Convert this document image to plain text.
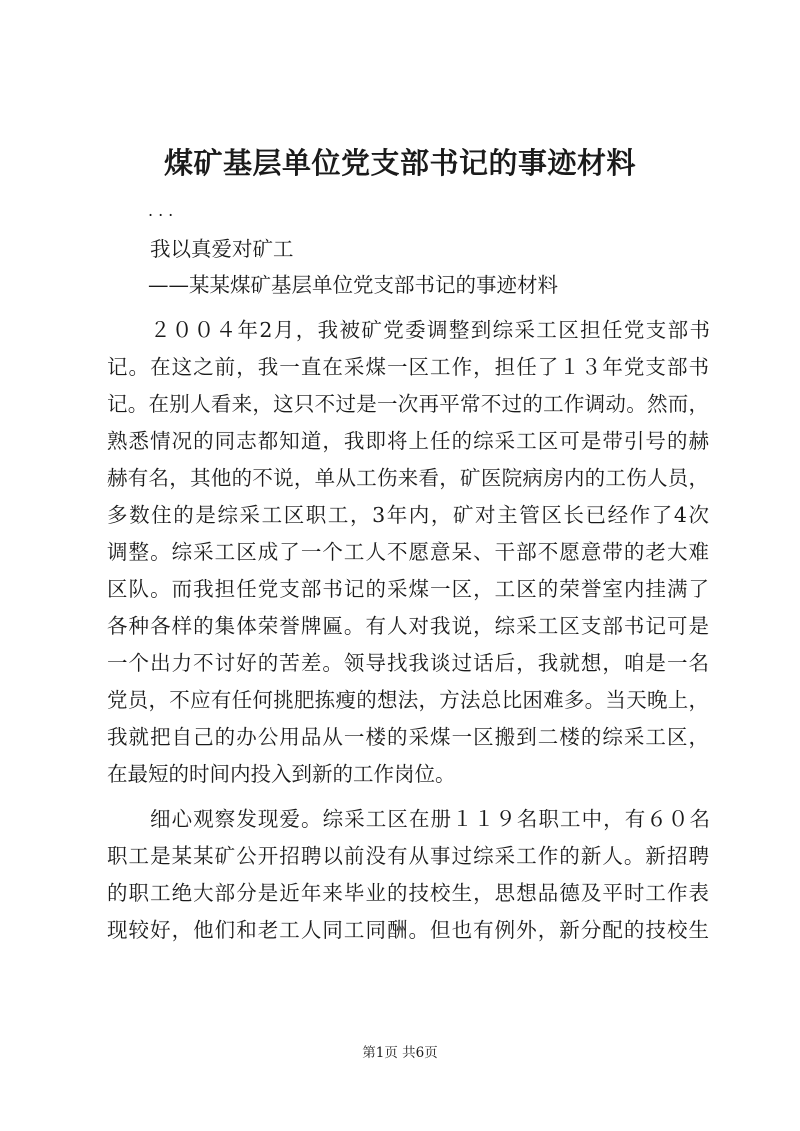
煤矿基层单位党支部书记的事迹材料
...
我以真爱对矿工
——某某煤矿基层单位党支部书记的事迹材料
２００４年2月，我被矿党委调整到综采工区担任党支部书
记。在这之前，我一直在采煤一区工作，担任了１３年党支部书
记。在别人看来，这只不过是一次再平常不过的工作调动。然而，
熟悉情况的同志都知道，我即将上任的综采工区可是带引号的赫
赫有名，其他的不说，单从工伤来看，矿医院病房内的工伤人员，
多数住的是综采工区职工，3年内，矿对主管区长已经作了4次
调整。综采工区成了一个工人不愿意呆、干部不愿意带的老大难
区队。而我担任党支部书记的采煤一区，工区的荣誉室内挂满了
各种各样的集体荣誉牌匾。有人对我说，综采工区支部书记可是
一个出力不讨好的苦差。领导找我谈过话后，我就想，咱是一名
党员，不应有任何挑肥拣瘦的想法，方法总比困难多。当天晚上，
我就把自己的办公用品从一楼的采煤一区搬到二楼的综采工区，
在最短的时间内投入到新的工作岗位。
细心观察发现爱。综采工区在册１１９名职工中，有６０名
职工是某某矿公开招聘以前没有从事过综采工作的新人。新招聘
的职工绝大部分是近年来毕业的技校生，思想品德及平时工作表
现较好，他们和老工人同工同酬。但也有例外，新分配的技校生
第1页 共6页
